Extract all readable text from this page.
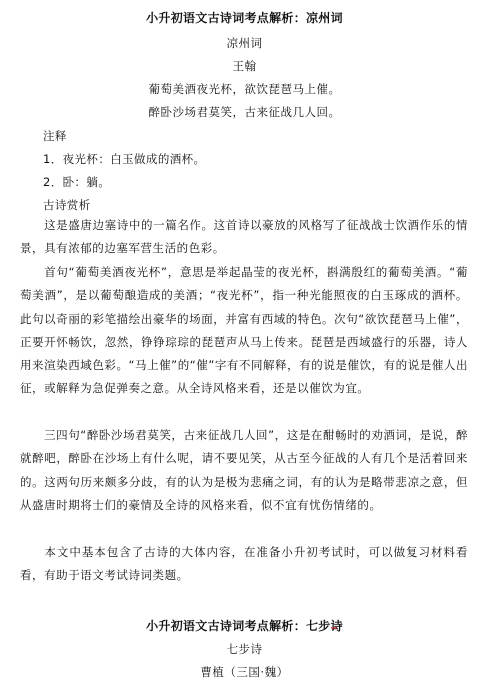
小升初语文古诗词考点解析：凉州词
凉州词
王翰
葡萄美酒夜光杯，欲饮琵琶马上催。
醉卧沙场君莫笑，古来征战几人回。
注释
1．夜光杯：白玉做成的酒杯。
2．卧：躺。
古诗赏析
这是盛唐边塞诗中的一篇名作。这首诗以豪放的风格写了征战战士饮酒作乐的情景，具有浓郁的边塞军营生活的色彩。
首句“葡萄美酒夜光杯”，意思是举起晶莹的夜光杯，斟满殷红的葡萄美酒。“葡萄美酒”，是以葡萄酿造成的美酒；“夜光杯”，指一种光能照夜的白玉琢成的酒杯。此句以奇丽的彩笔描绘出豪华的场面，并富有西域的特色。次句“欲饮琵琶马上催”，正要开怀畅饮，忽然，铮铮琮琮的琵琶声从马上传来。琵琶是西域盛行的乐器，诗人用来渲染西域色彩。“马上催”的“催”字有不同解释，有的说是催饮，有的说是催人出征，或解释为急促弹奏之意。从全诗风格来看，还是以催饮为宜。
三四句“醉卧沙场君莫笑，古来征战几人回”，这是在酣畅时的劝酒词，是说，醉就醉吧，醉卧在沙场上有什么呢，请不要见笑，从古至今征战的人有几个是活着回来的。这两句历来颇多分歧，有的认为是极为悲痛之词，有的认为是略带悲凉之意，但从盛唐时期将士们的豪情及全诗的风格来看，似不宜有忧伤情绪的。
本文中基本包含了古诗的大体内容，在准备小升初考试时，可以做复习材料看看，有助于语文考试诗词类题。
小升初语文古诗词考点解析：七步诗
七步诗
曹植（三国·魏）
